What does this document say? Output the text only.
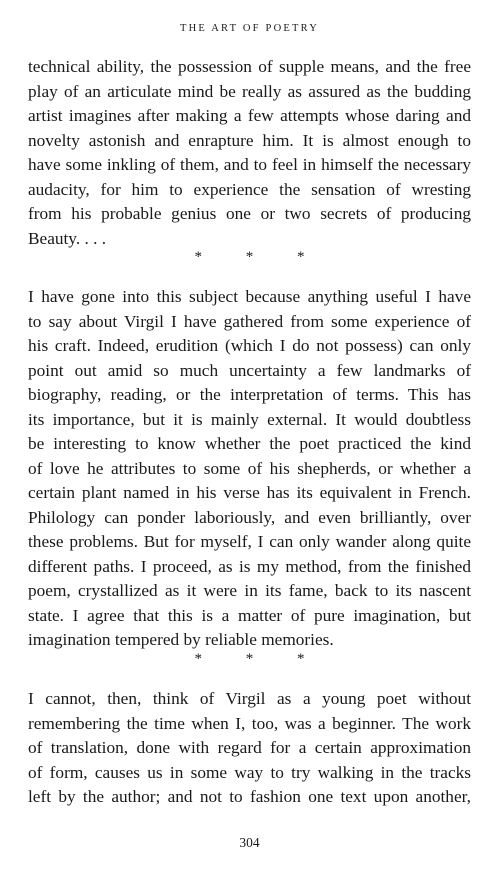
THE ART OF POETRY

technical ability, the possession of supple means, and the free
play of an articulate mind be really as assured as the budding
artist imagines after making a few attempts whose daring and
novelty astonish and enrapture him. It is almost enough to
have some inkling of them, and to feel in himself the necessary
audacity, for him to experience the sensation of wresting
from his probable genius one or two secrets of producing
Beauty. . . .

* * *

I have gone into this subject because anything useful I have
to say about Virgil I have gathered from some experience of
his craft. Indeed, erudition (which I do not possess) can only
point out amid so much uncertainty a few landmarks of
biography, reading, or the interpretation of terms. This has
its importance, but it is mainly external. It would doubtless
be interesting to know whether the poet practiced the kind
of love he attributes to some of his shepherds, or whether a
certain plant named in his verse has its equivalent in French.
Philology can ponder laboriously, and even brilliantly, over
these problems. But for myself, I can only wander along quite
different paths. I proceed, as is my method, from the finished
poem, crystallized as it were in its fame, back to its nascent
state. I agree that this is a matter of pure imagination, but
imagination tempered by reliable memories.

* * *

I cannot, then, think of Virgil as a young poet without
remembering the time when I, too, was a beginner. The work
of translation, done with regard for a certain approximation
of form, causes us in some way to try walking in the tracks
left by the author; and not to fashion one text upon another,

304
